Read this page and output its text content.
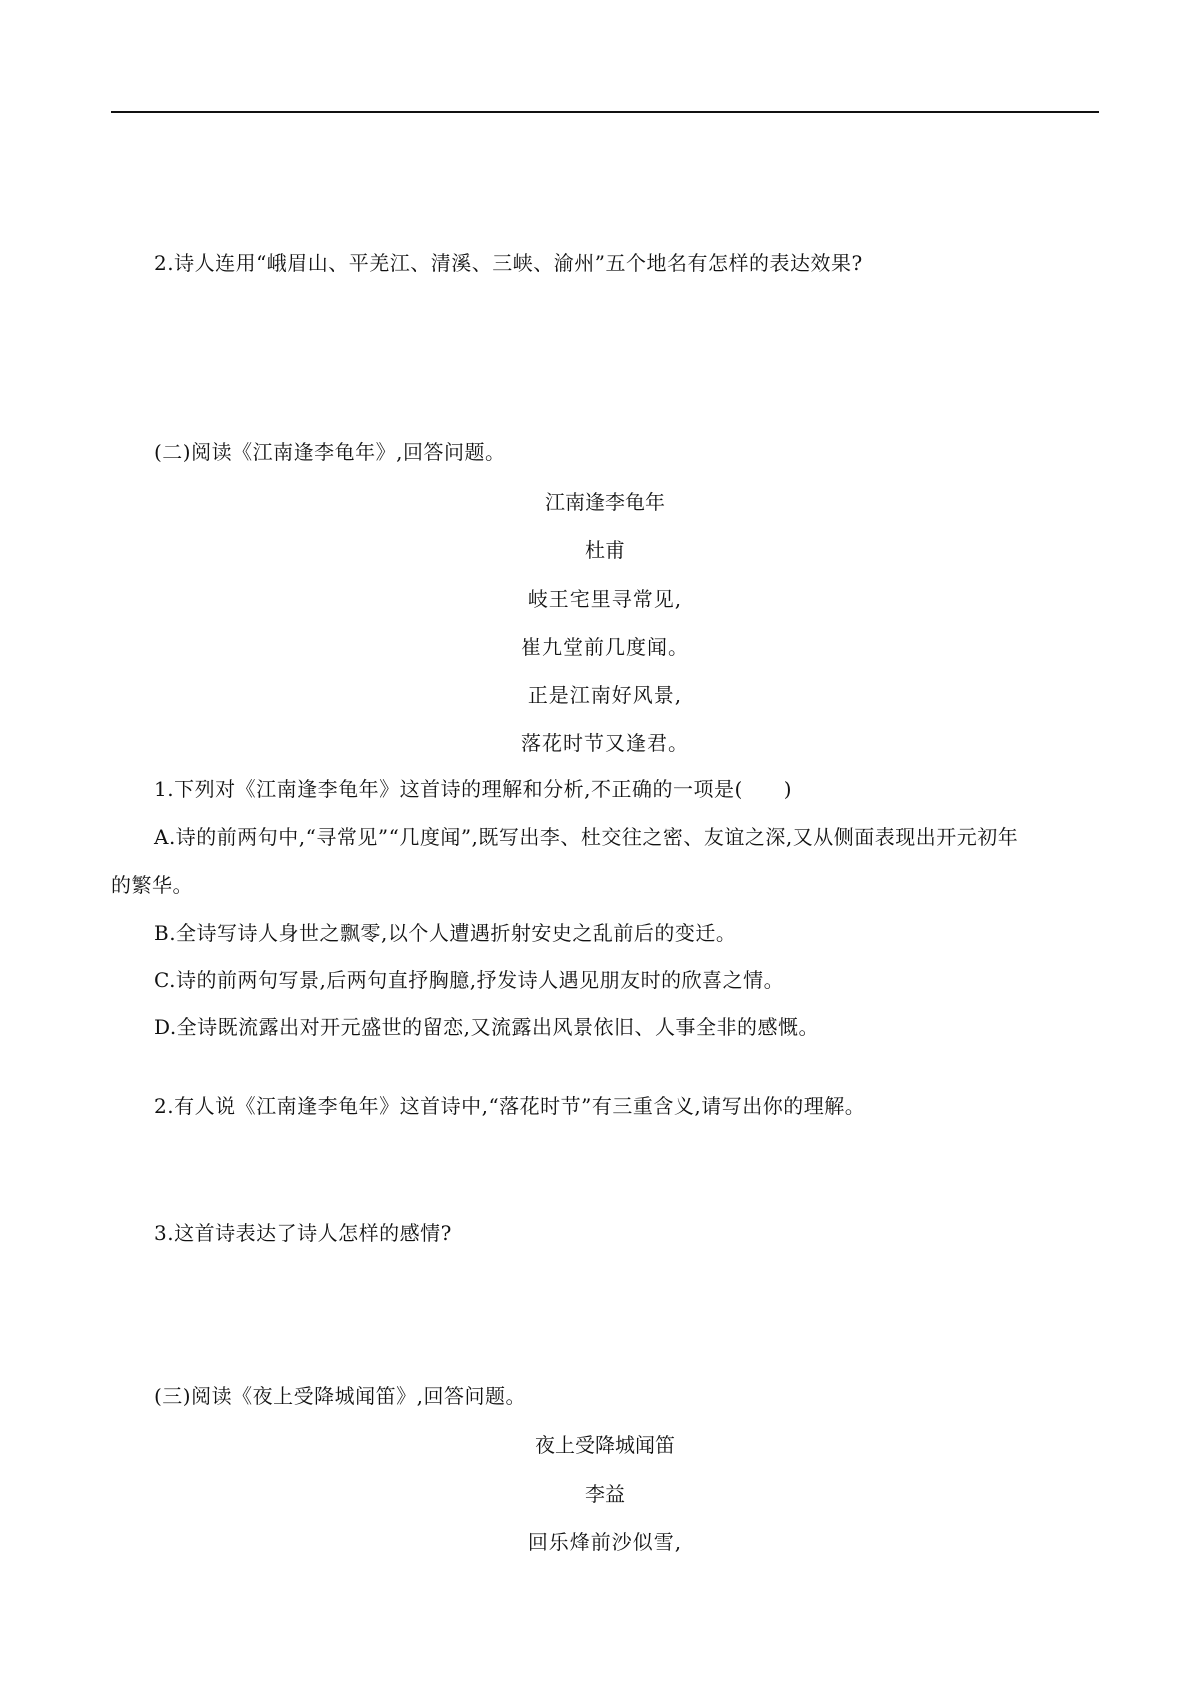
2.诗人连用“峨眉山、平羌江、清溪、三峡、渝州”五个地名有怎样的表达效果?
(二)阅读《江南逢李龟年》,回答问题。
江南逢李龟年
杜甫
岐王宅里寻常见,
崔九堂前几度闻。
正是江南好风景,
落花时节又逢君。
1.下列对《江南逢李龟年》这首诗的理解和分析,不正确的一项是(　　)
A.诗的前两句中,“寻常见”“几度闻”,既写出李、杜交往之密、友谊之深,又从侧面表现出开元初年
的繁华。
B.全诗写诗人身世之飘零,以个人遭遇折射安史之乱前后的变迁。
C.诗的前两句写景,后两句直抒胸臆,抒发诗人遇见朋友时的欣喜之情。
D.全诗既流露出对开元盛世的留恋,又流露出风景依旧、人事全非的感慨。
2.有人说《江南逢李龟年》这首诗中,“落花时节”有三重含义,请写出你的理解。
3.这首诗表达了诗人怎样的感情?
(三)阅读《夜上受降城闻笛》,回答问题。
夜上受降城闻笛
李益
回乐烽前沙似雪,
